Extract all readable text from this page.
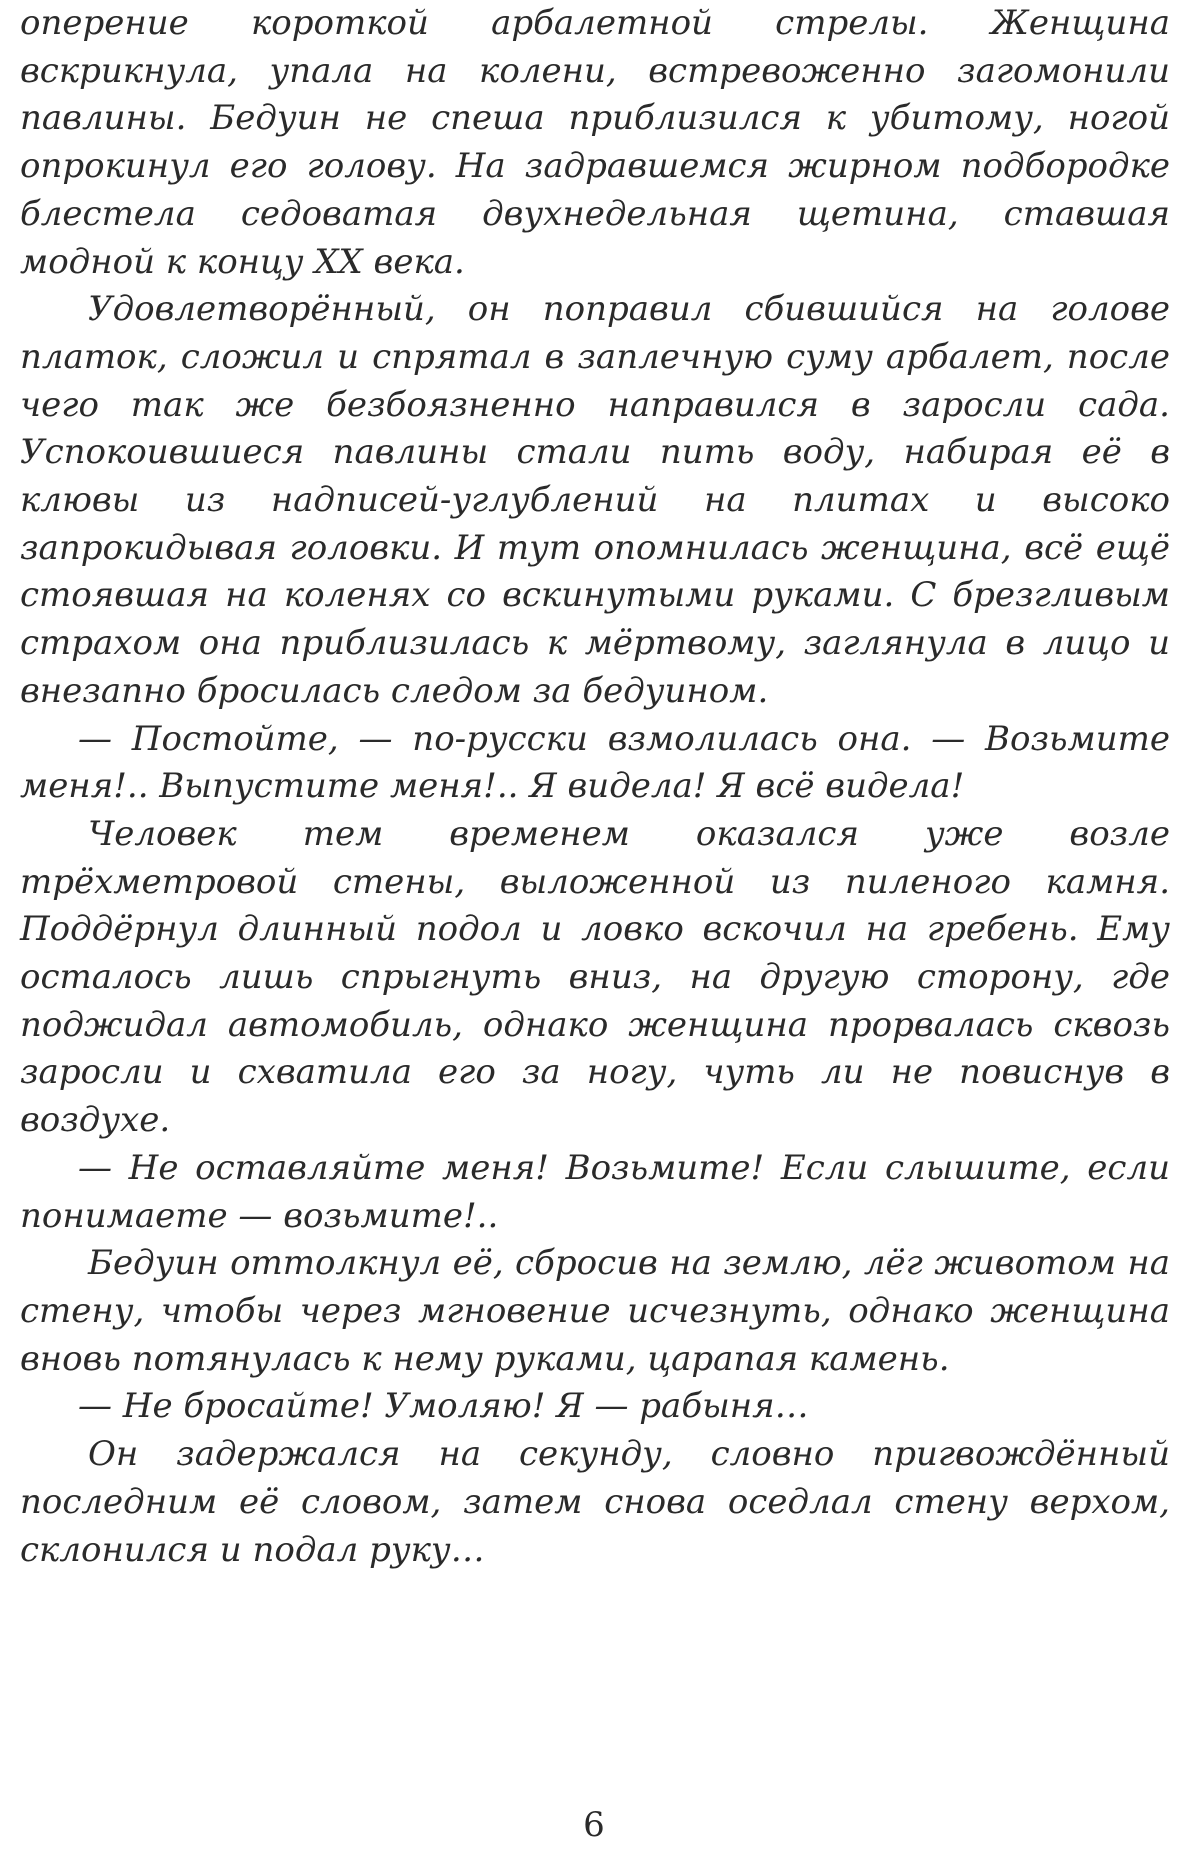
оперение короткой арбалетной стрелы. Женщина вскрикнула, упала на колени, встревоженно загомонили павлины. Бедуин не спеша приблизился к убитому, ногой опрокинул его голову. На задравшемся жирном подбородке блестела седоватая двухнедельная щетина, ставшая модной к концу XX века.

Удовлетворённый, он поправил сбившийся на голове платок, сложил и спрятал в заплечную суму арбалет, после чего так же безбоязненно направился в заросли сада. Успокоившиеся павлины стали пить воду, набирая её в клювы из надписей-углублений на плитах и высоко запрокидывая головки. И тут опомнилась женщина, всё ещё стоявшая на коленях со вскинутыми руками. С брезгливым страхом она приблизилась к мёртвому, заглянула в лицо и внезапно бросилась следом за бедуином.

— Постойте, — по-русски взмолилась она. — Возьмите меня!.. Выпустите меня!.. Я видела! Я всё видела!

Человек тем временем оказался уже возле трёхметровой стены, выложенной из пиленого камня. Поддёрнул длинный подол и ловко вскочил на гребень. Ему осталось лишь спрыгнуть вниз, на другую сторону, где поджидал автомобиль, однако женщина прорвалась сквозь заросли и схватила его за ногу, чуть ли не повиснув в воздухе.

— Не оставляйте меня! Возьмите! Если слышите, если понимаете — возьмите!..

Бедуин оттолкнул её, сбросив на землю, лёг животом на стену, чтобы через мгновение исчезнуть, однако женщина вновь потянулась к нему руками, царапая камень.

— Не бросайте! Умоляю! Я — рабыня…

Он задержался на секунду, словно пригвождённый последним её словом, затем снова оседлал стену верхом, склонился и подал руку…

6
